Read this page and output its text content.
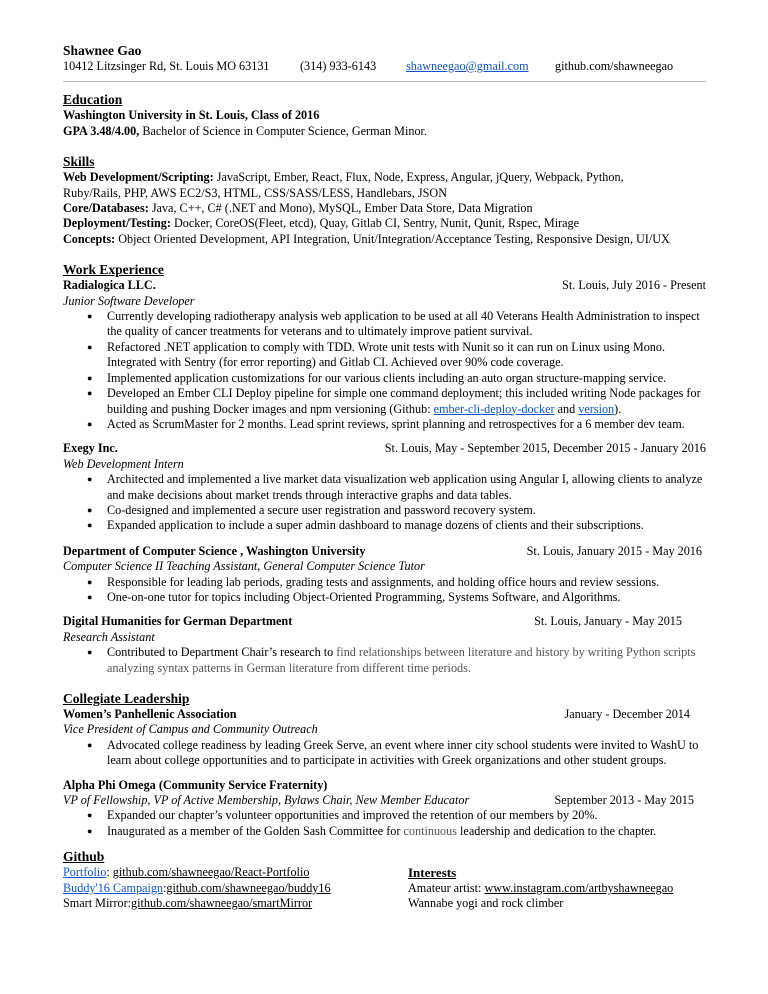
Shawnee Gao
10412 Litzsinger Rd, St. Louis MO 63131	(314) 933-6143	shawneegao@gmail.com	github.com/shawneegao
Education
Washington University in St. Louis, Class of 2016
GPA 3.48/4.00, Bachelor of Science in Computer Science, German Minor.
Skills
Web Development/Scripting: JavaScript, Ember, React, Flux, Node, Express, Angular, jQuery, Webpack, Python,
Ruby/Rails, PHP, AWS EC2/S3, HTML, CSS/SASS/LESS, Handlebars, JSON
Core/Databases: Java, C++, C# (.NET and Mono), MySQL, Ember Data Store, Data Migration
Deployment/Testing: Docker, CoreOS(Fleet, etcd), Quay, Gitlab CI, Sentry, Nunit, Qunit, Rspec, Mirage
Concepts: Object Oriented Development, API Integration, Unit/Integration/Acceptance Testing, Responsive Design, UI/UX
Work Experience
Radialogica LLC.	St. Louis, July 2016 - Present
Junior Software Developer
● Currently developing radiotherapy analysis web application to be used at all 40 Veterans Health Administration to inspect the quality of cancer treatments for veterans and to ultimately improve patient survival.
● Refactored .NET application to comply with TDD. Wrote unit tests with Nunit so it can run on Linux using Mono. Integrated with Sentry (for error reporting) and Gitlab CI. Achieved over 90% code coverage.
● Implemented application customizations for our various clients including an auto organ structure-mapping service.
● Developed an Ember CLI Deploy pipeline for simple one command deployment; this included writing Node packages for building and pushing Docker images and npm versioning (Github: ember-cli-deploy-docker and version).
● Acted as ScrumMaster for 2 months. Lead sprint reviews, sprint planning and retrospectives for a 6 member dev team.
Exegy Inc.	St. Louis, May - September 2015, December 2015 - January 2016
Web Development Intern
● Architected and implemented a live market data visualization web application using Angular I, allowing clients to analyze and make decisions about market trends through interactive graphs and data tables.
● Co-designed and implemented a secure user registration and password recovery system.
● Expanded application to include a super admin dashboard to manage dozens of clients and their subscriptions.
Department of Computer Science , Washington University	St. Louis, January 2015 - May 2016
Computer Science II Teaching Assistant, General Computer Science Tutor
● Responsible for leading lab periods, grading tests and assignments, and holding office hours and review sessions.
● One-on-one tutor for topics including Object-Oriented Programming, Systems Software, and Algorithms.
Digital Humanities for German Department	St. Louis, January - May 2015
Research Assistant
● Contributed to Department Chair’s research to find relationships between literature and history by writing Python scripts analyzing syntax patterns in German literature from different time periods.
Collegiate Leadership
Women’s Panhellenic Association	January - December 2014
Vice President of Campus and Community Outreach
● Advocated college readiness by leading Greek Serve, an event where inner city school students were invited to WashU to learn about college opportunities and to participate in activities with Greek organizations and other student groups.
Alpha Phi Omega (Community Service Fraternity)
VP of Fellowship, VP of Active Membership, Bylaws Chair, New Member Educator	September 2013 - May 2015
● Expanded our chapter’s volunteer opportunities and improved the retention of our members by 20%.
● Inaugurated as a member of the Golden Sash Committee for continuous leadership and dedication to the chapter.
Github
Portfolio: github.com/shawneegao/React-Portfolio
Buddy'16 Campaign:github.com/shawneegao/buddy16
Smart Mirror:github.com/shawneegao/smartMirror
Interests
Amateur artist: www.instagram.com/artbyshawneegao
Wannabe yogi and rock climber
